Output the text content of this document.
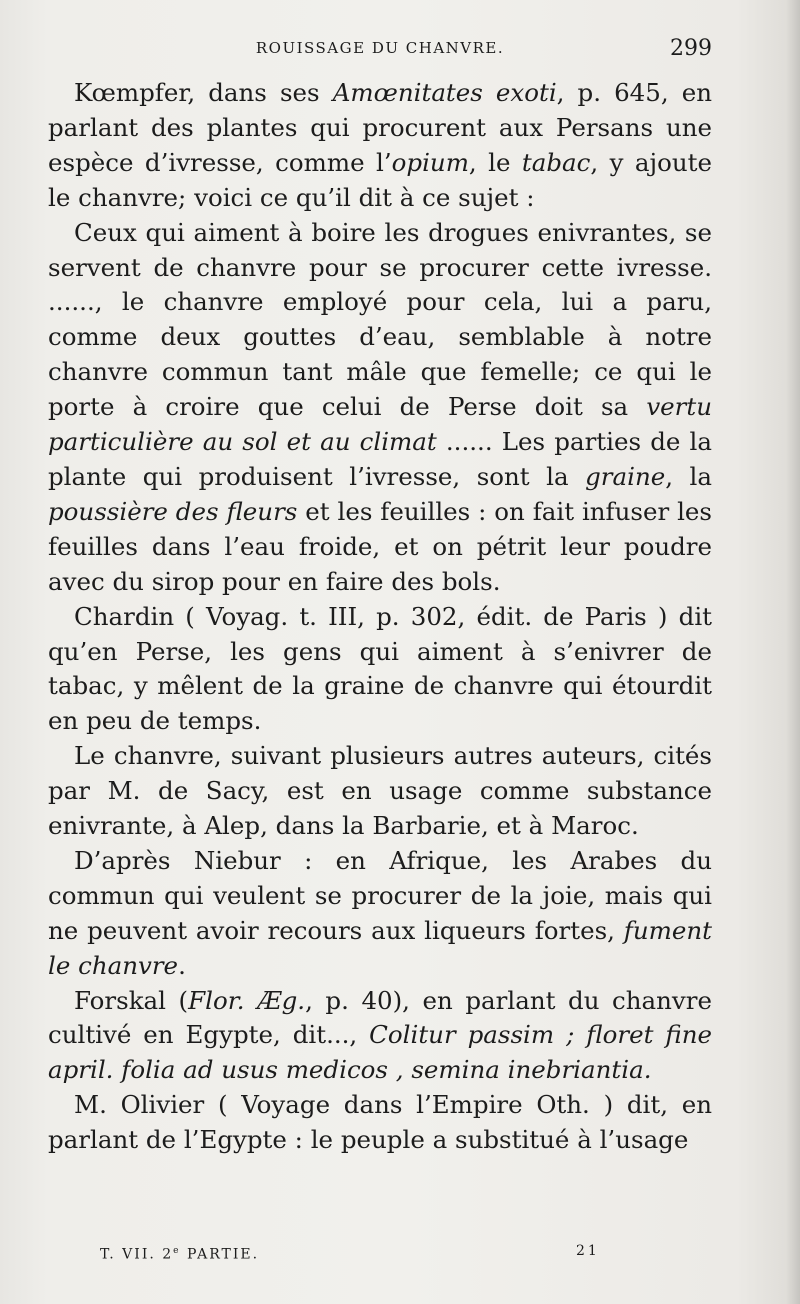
ROUISSAGE DU CHANVRE.	299

Kœmpfer, dans ses Amœnitates exoti, p. 645, en parlant des plantes qui procurent aux Persans une espèce d’ivresse, comme l’opium, le tabac, y ajoute le chanvre; voici ce qu’il dit à ce sujet :

Ceux qui aiment à boire les drogues enivrantes, se servent de chanvre pour se procurer cette ivresse. ......, le chanvre employé pour cela, lui a paru, comme deux gouttes d’eau, semblable à notre chanvre commun tant mâle que femelle; ce qui le porte à croire que celui de Perse doit sa vertu particulière au sol et au climat ...... Les parties de la plante qui produisent l’ivresse, sont la graine, la poussière des fleurs et les feuilles : on fait infuser les feuilles dans l’eau froide, et on pétrit leur poudre avec du sirop pour en faire des bols.

Chardin ( Voyag. t. III, p. 302, édit. de Paris ) dit qu’en Perse, les gens qui aiment à s’enivrer de tabac, y mêlent de la graine de chanvre qui étourdit en peu de temps.

Le chanvre, suivant plusieurs autres auteurs, cités par M. de Sacy, est en usage comme substance enivrante, à Alep, dans la Barbarie, et à Maroc.

D’après Niebur : en Afrique, les Arabes du commun qui veulent se procurer de la joie, mais qui ne peuvent avoir recours aux liqueurs fortes, fument le chanvre.

Forskal (Flor. Æg., p. 40), en parlant du chanvre cultivé en Egypte, dit..., Colitur passim ; floret fine april. folia ad usus medicos , semina inebriantia.

M. Olivier ( Voyage dans l’Empire Oth. ) dit, en parlant de l’Egypte : le peuple a substitué à l’usage

T. VII. 2e PARTIE.	21
